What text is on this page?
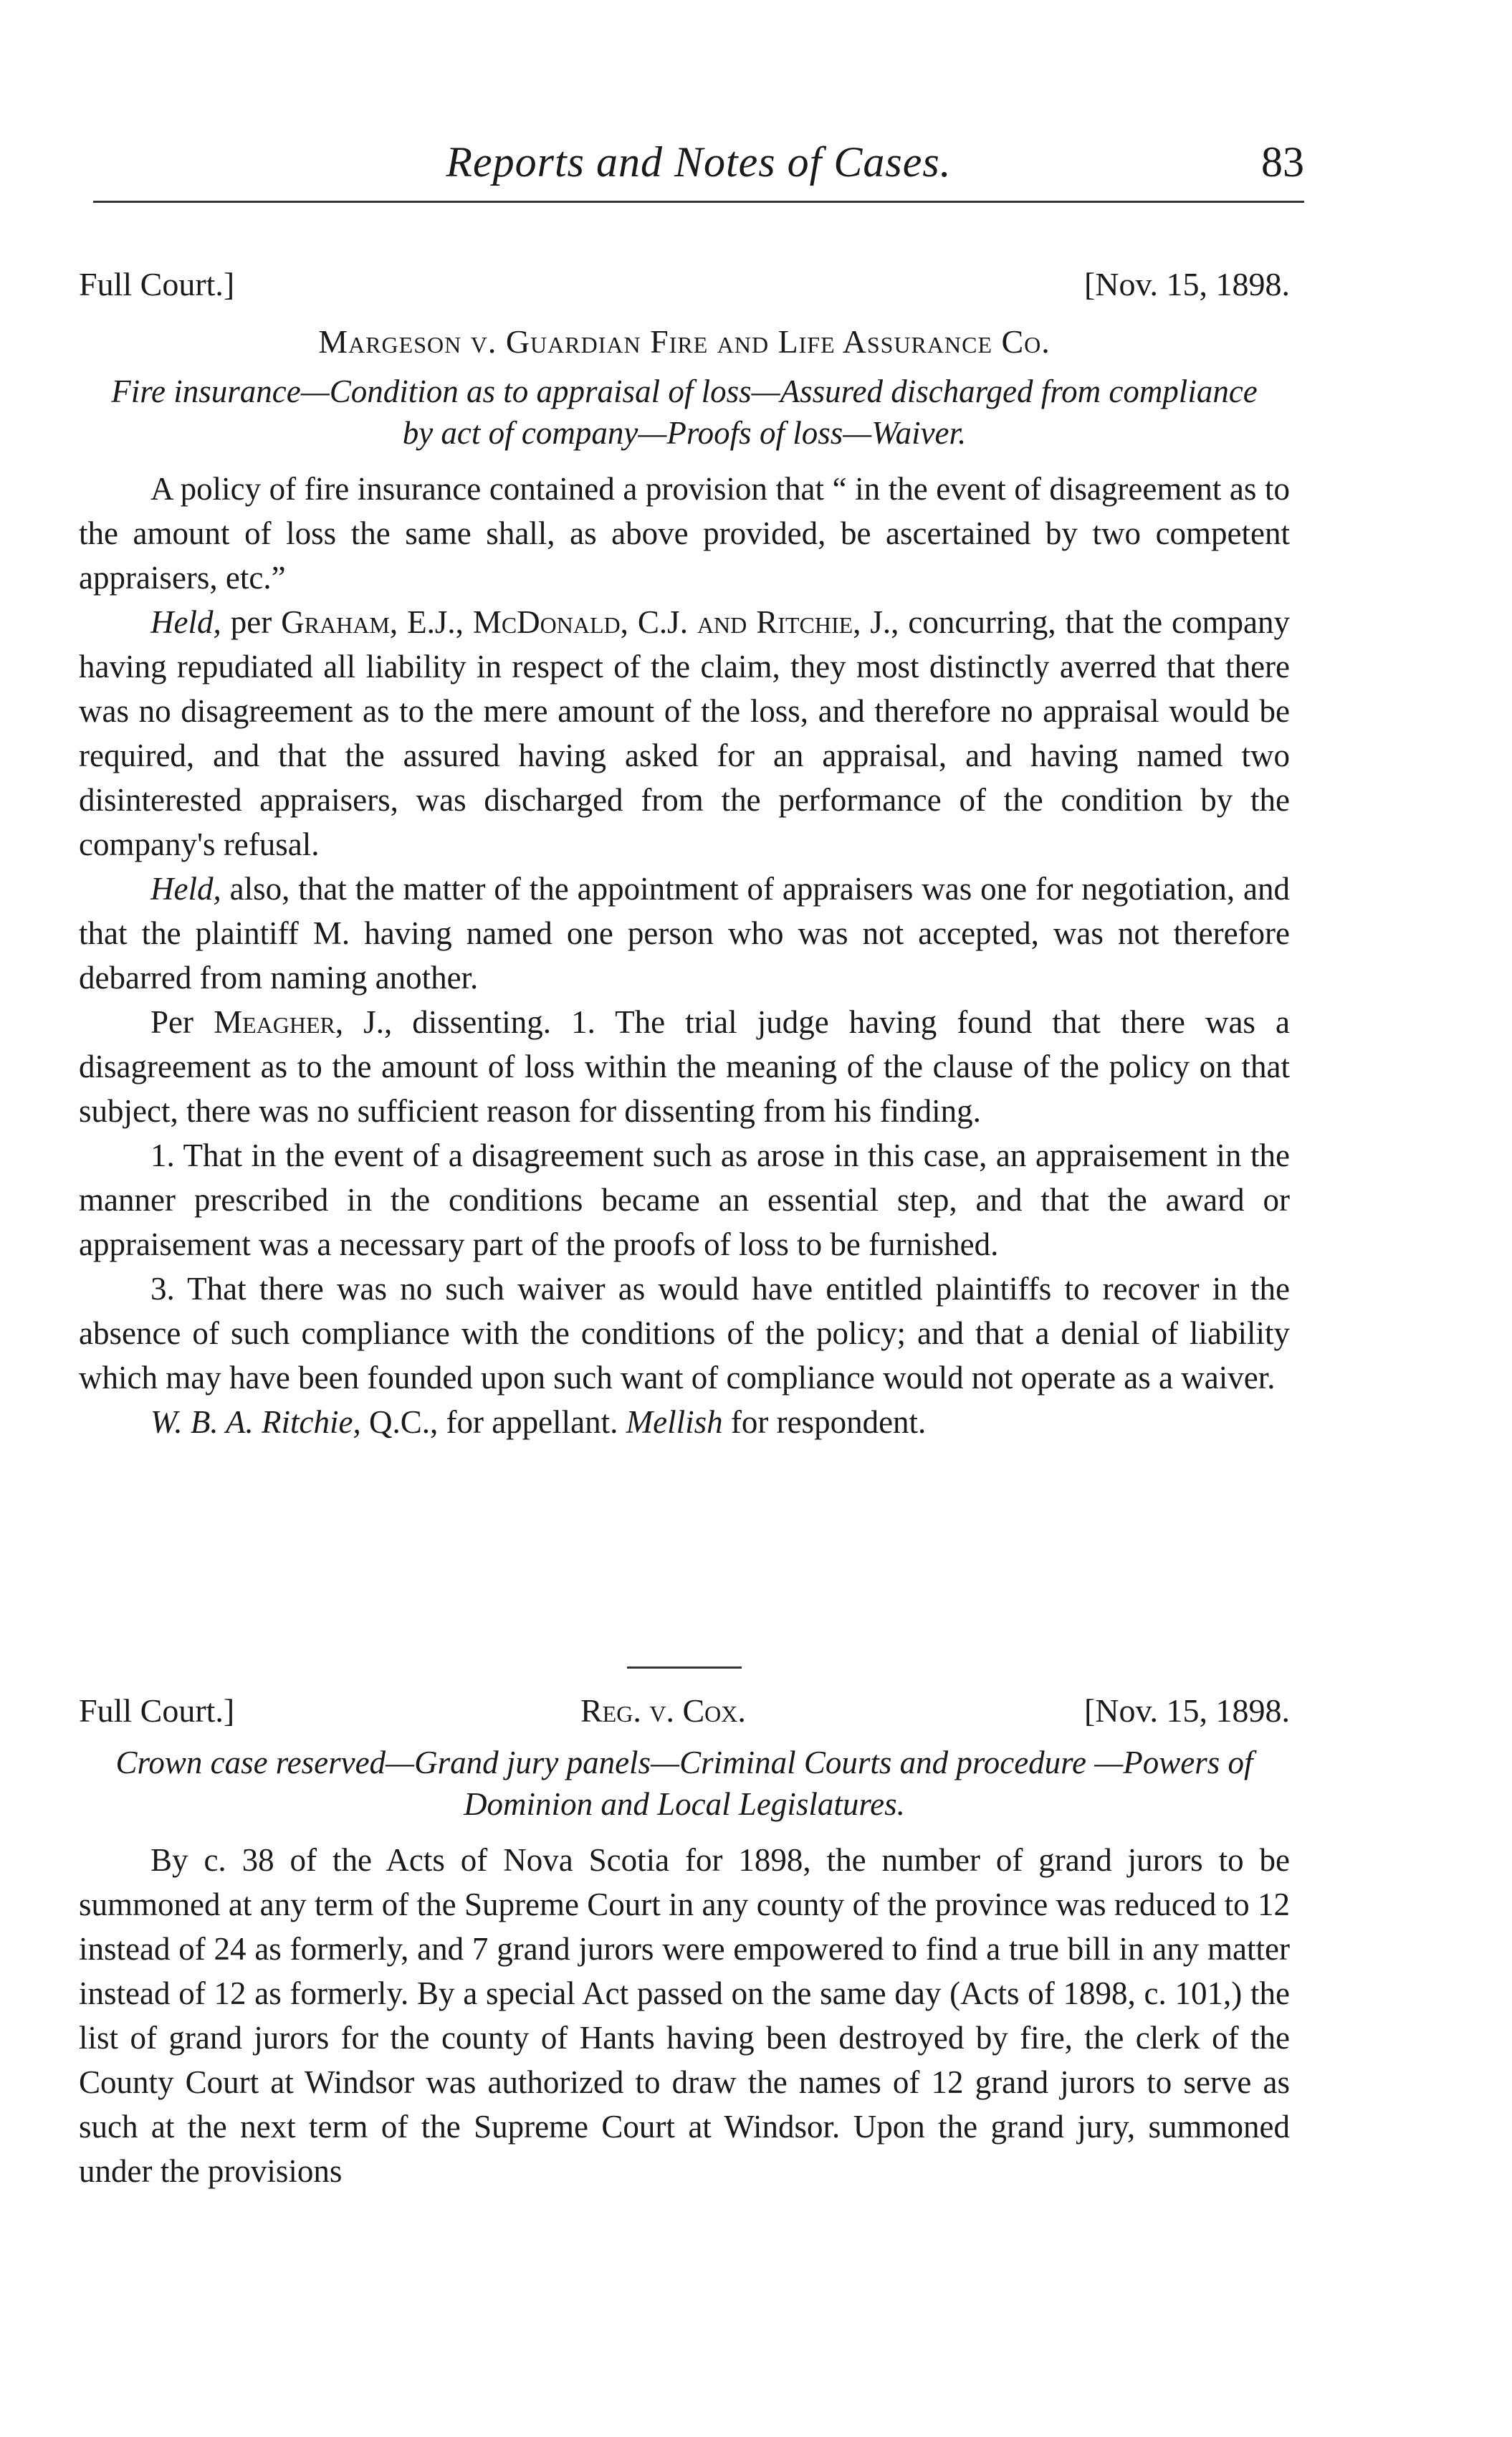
Reports and Notes of Cases.	83
Full Court.]	[Nov. 15, 1898.
Margeson v. Guardian Fire and Life Assurance Co.
Fire insurance—Condition as to appraisal of loss—Assured discharged from compliance by act of company—Proofs of loss—Waiver.

A policy of fire insurance contained a provision that “ in the event of disagreement as to the amount of loss the same shall, as above provided, be ascertained by two competent appraisers, etc.”

Held, per Graham, E.J., McDonald, C.J. and Ritchie, J., concurring, that the company having repudiated all liability in respect of the claim, they most distinctly averred that there was no disagreement as to the mere amount of the loss, and therefore no appraisal would be required, and that the assured having asked for an appraisal, and having named two disinterested appraisers, was discharged from the performance of the condition by the company's refusal.

Held, also, that the matter of the appointment of appraisers was one for negotiation, and that the plaintiff M. having named one person who was not accepted, was not therefore debarred from naming another.

Per Meagher, J., dissenting. 1. The trial judge having found that there was a disagreement as to the amount of loss within the meaning of the clause of the policy on that subject, there was no sufficient reason for dissenting from his finding.

1. That in the event of a disagreement such as arose in this case, an appraisement in the manner prescribed in the conditions became an essential step, and that the award or appraisement was a necessary part of the proofs of loss to be furnished.

3. That there was no such waiver as would have entitled plaintiffs to recover in the absence of such compliance with the conditions of the policy; and that a denial of liability which may have been founded upon such want of compliance would not operate as a waiver.

W. B. A. Ritchie, Q.C., for appellant. Mellish for respondent.

Full Court.]	Reg. v. Cox.	[Nov. 15, 1898.
Crown case reserved—Grand jury panels—Criminal Courts and procedure —Powers of Dominion and Local Legislatures.

By c. 38 of the Acts of Nova Scotia for 1898, the number of grand jurors to be summoned at any term of the Supreme Court in any county of the province was reduced to 12 instead of 24 as formerly, and 7 grand jurors were empowered to find a true bill in any matter instead of 12 as formerly. By a special Act passed on the same day (Acts of 1898, c. 101,) the list of grand jurors for the county of Hants having been destroyed by fire, the clerk of the County Court at Windsor was authorized to draw the names of 12 grand jurors to serve as such at the next term of the Supreme Court at Windsor. Upon the grand jury, summoned under the provisions
